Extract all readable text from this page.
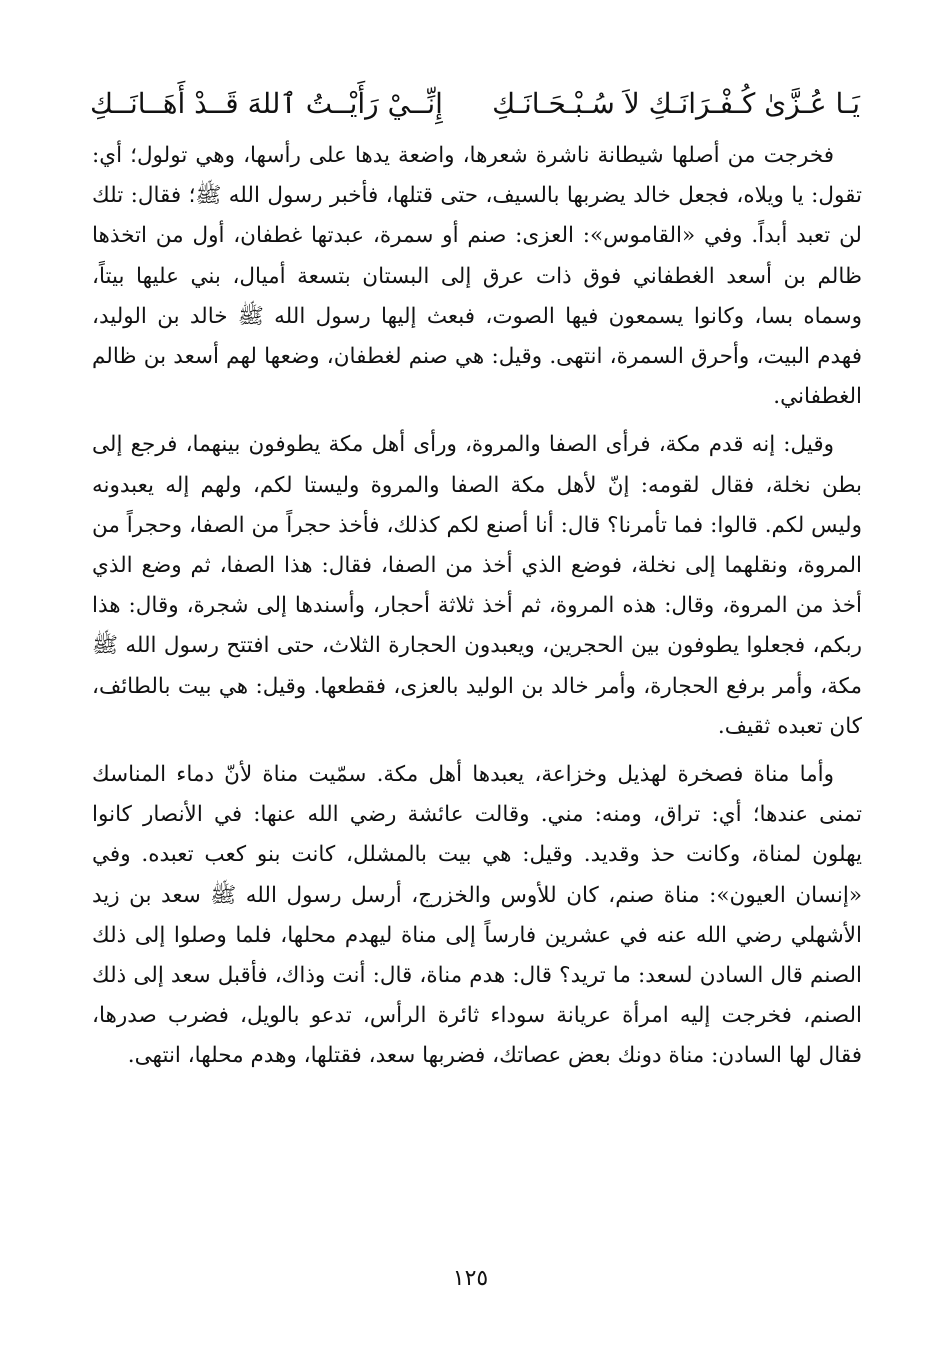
يَـا عُـزَّىٰ كُـفْـرَانَـكِ لاَ سُـبْـحَـانَـكِ
إِنِّــيْ رَأَيْــتُ ٱللهَ قَــدْ أَهَــانَــكِ

فخرجت من أصلها شيطانة ناشرة شعرها، واضعة يدها على رأسها، وهي تولول؛ أي: تقول: يا ويلاه، فجعل خالد يضربها بالسيف، حتى قتلها، فأخبر رسول الله ﷺ؛ فقال: تلك لن تعبد أبداً. وفي «القاموس»: العزى: صنم أو سمرة، عبدتها غطفان، أول من اتخذها ظالم بن أسعد الغطفاني فوق ذات عرق إلى البستان بتسعة أميال، بني عليها بيتاً، وسماه بسا، وكانوا يسمعون فيها الصوت، فبعث إليها رسول الله ﷺ خالد بن الوليد، فهدم البيت، وأحرق السمرة، انتهى. وقيل: هي صنم لغطفان، وضعها لهم أسعد بن ظالم الغطفاني.

وقيل: إنه قدم مكة، فرأى الصفا والمروة، ورأى أهل مكة يطوفون بينهما، فرجع إلى بطن نخلة، فقال لقومه: إنّ لأهل مكة الصفا والمروة وليستا لكم، ولهم إله يعبدونه وليس لكم. قالوا: فما تأمرنا؟ قال: أنا أصنع لكم كذلك، فأخذ حجراً من الصفا، وحجراً من المروة، ونقلهما إلى نخلة، فوضع الذي أخذ من الصفا، فقال: هذا الصفا، ثم وضع الذي أخذ من المروة، وقال: هذه المروة، ثم أخذ ثلاثة أحجار، وأسندها إلى شجرة، وقال: هذا ربكم، فجعلوا يطوفون بين الحجرين، ويعبدون الحجارة الثلاث، حتى افتتح رسول الله ﷺ مكة، وأمر برفع الحجارة، وأمر خالد بن الوليد بالعزى، فقطعها. وقيل: هي بيت بالطائف، كان تعبده ثقيف.

وأما مناة فصخرة لهذيل وخزاعة، يعبدها أهل مكة. سمّيت مناة لأنّ دماء المناسك تمنى عندها؛ أي: تراق، ومنه: مني. وقالت عائشة رضي الله عنها: في الأنصار كانوا يهلون لمناة، وكانت حذ وقديد. وقيل: هي بيت بالمشلل، كانت بنو كعب تعبده. وفي «إنسان العيون»: مناة صنم، كان للأوس والخزرج، أرسل رسول الله ﷺ سعد بن زيد الأشهلي رضي الله عنه في عشرين فارساً إلى مناة ليهدم محلها، فلما وصلوا إلى ذلك الصنم قال السادن لسعد: ما تريد؟ قال: هدم مناة، قال: أنت وذاك، فأقبل سعد إلى ذلك الصنم، فخرجت إليه امرأة عريانة سوداء ثائرة الرأس، تدعو بالويل، فضرب صدرها، فقال لها السادن: مناة دونك بعض عصاتك، فضربها سعد، فقتلها، وهدم محلها، انتهى.

١٢٥
